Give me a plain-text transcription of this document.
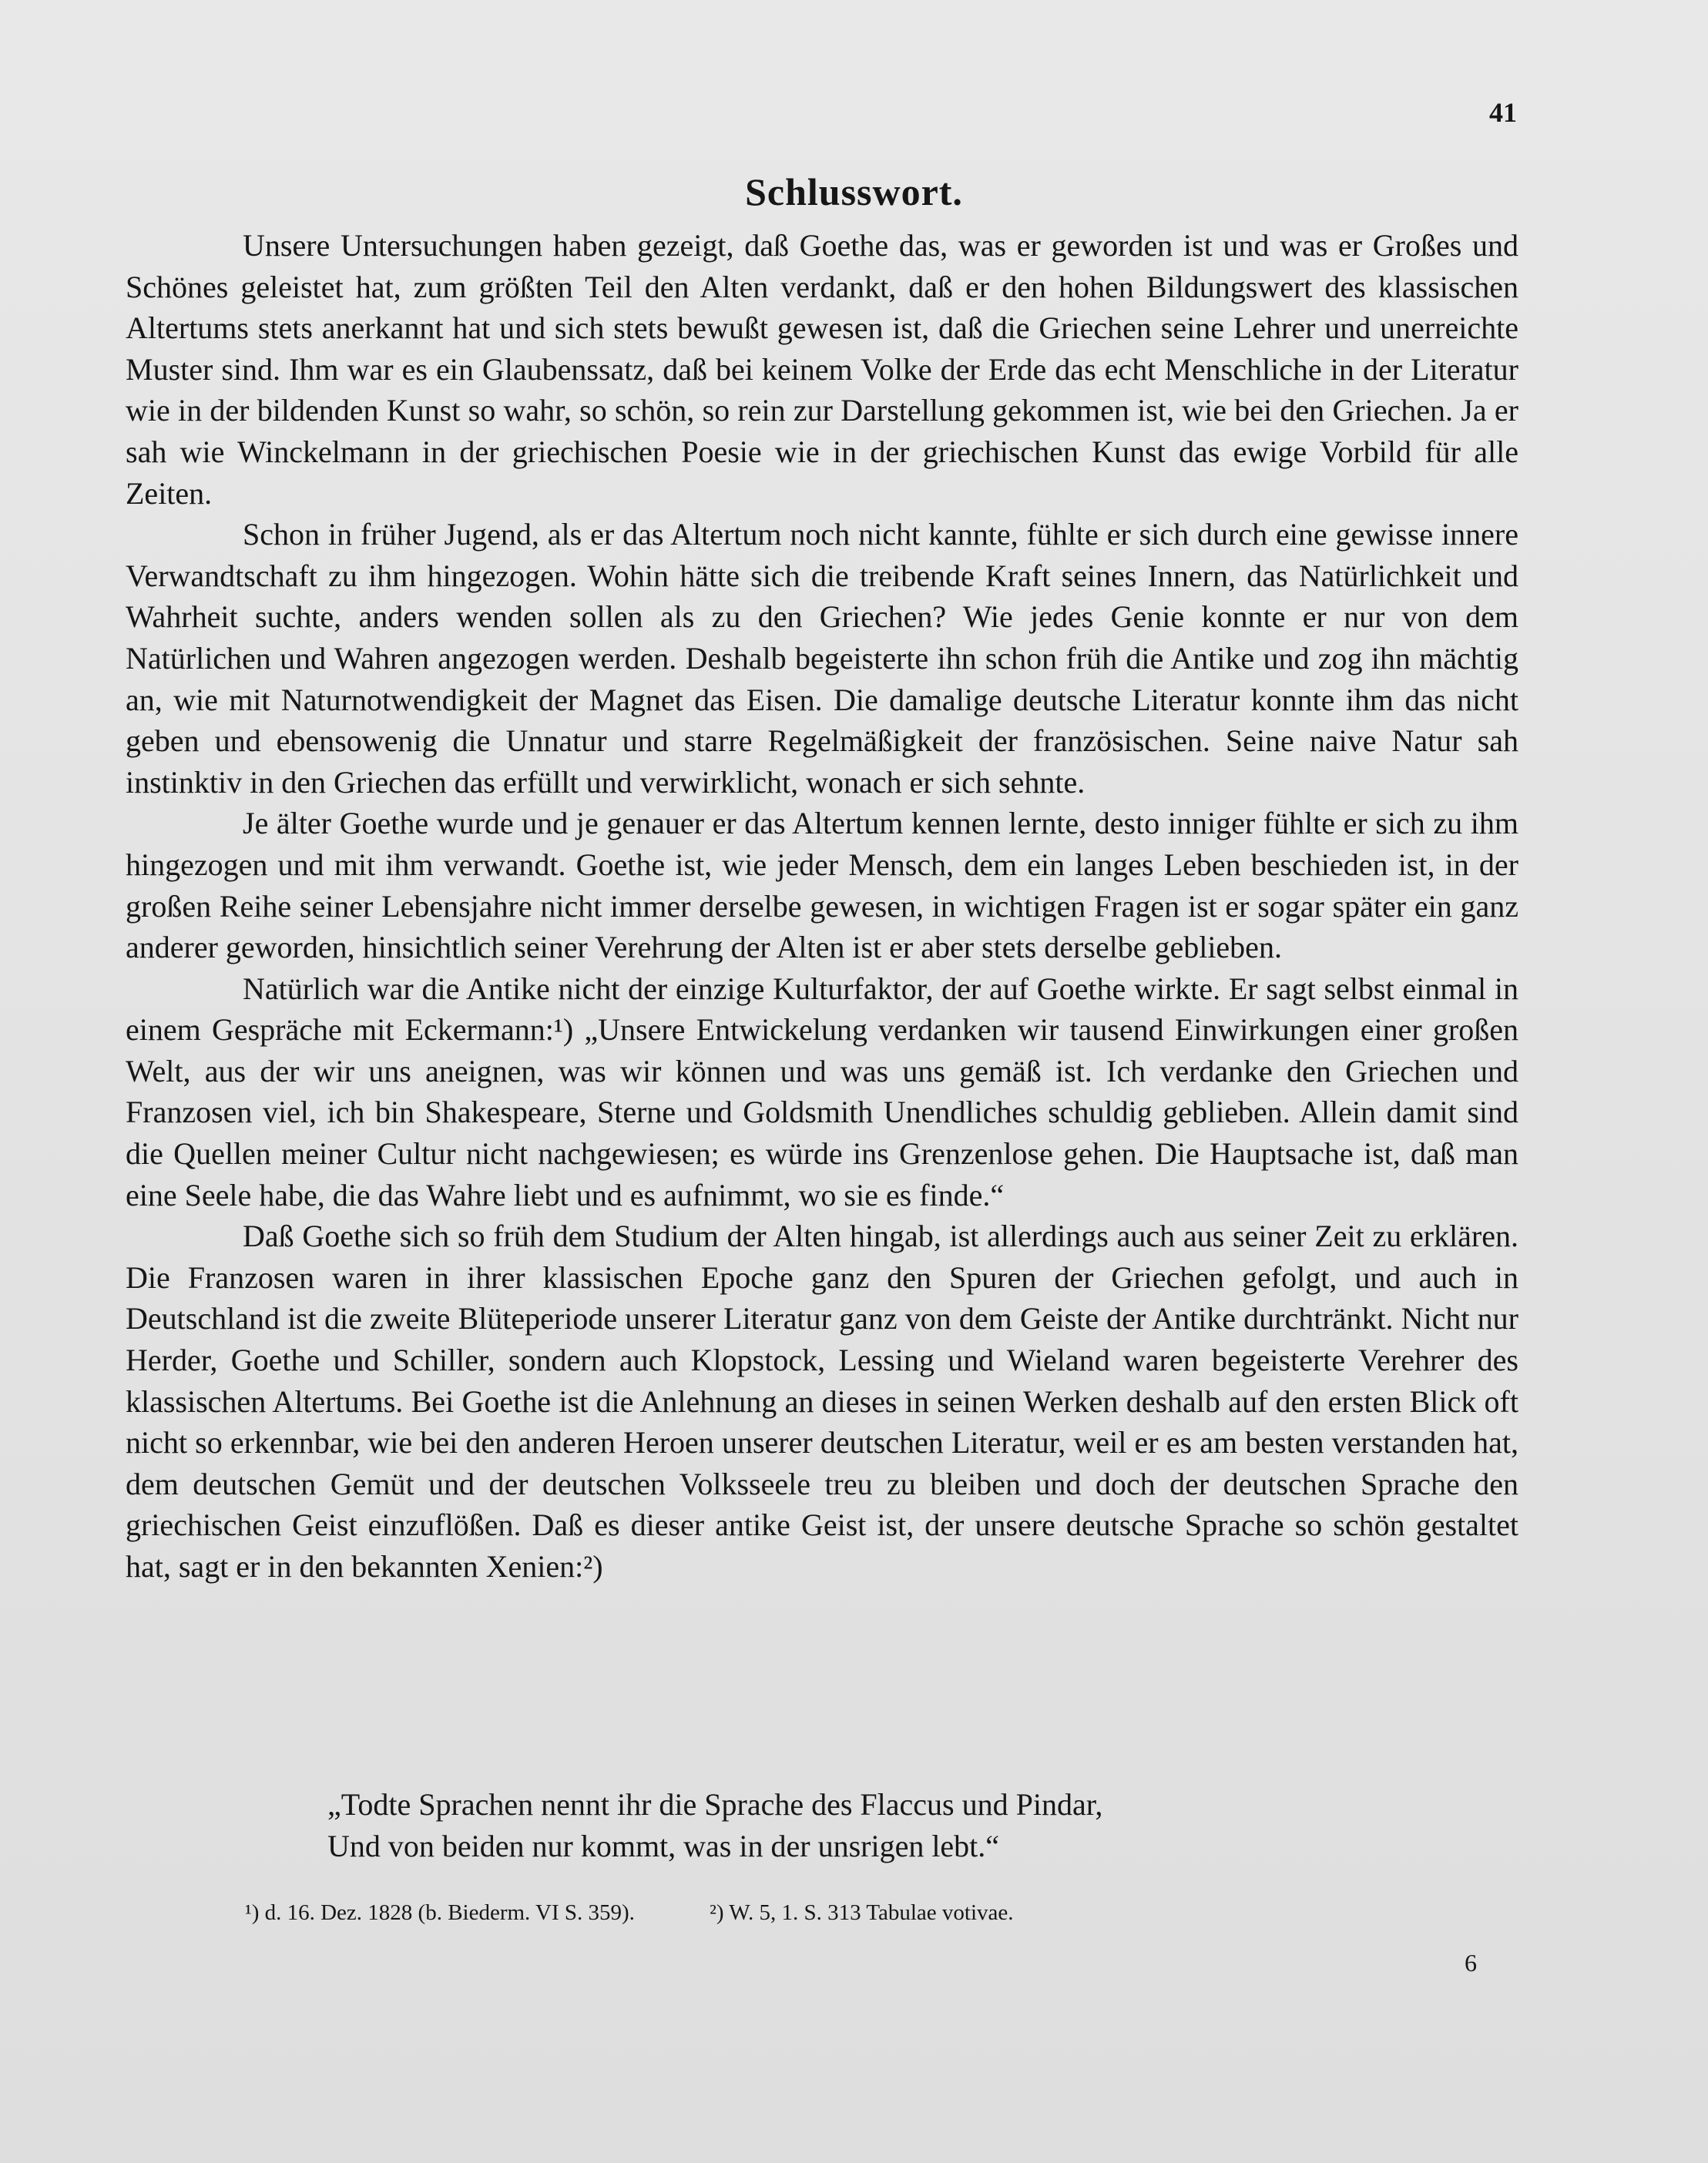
41

Schlusswort.

Unsere Untersuchungen haben gezeigt, daß Goethe das, was er geworden ist und was er Großes und Schönes geleistet hat, zum größten Teil den Alten verdankt, daß er den hohen Bildungswert des klassischen Altertums stets anerkannt hat und sich stets bewußt gewesen ist, daß die Griechen seine Lehrer und unerreichte Muster sind. Ihm war es ein Glaubenssatz, daß bei keinem Volke der Erde das echt Menschliche in der Literatur wie in der bildenden Kunst so wahr, so schön, so rein zur Darstellung gekommen ist, wie bei den Griechen. Ja er sah wie Winckelmann in der griechischen Poesie wie in der griechischen Kunst das ewige Vorbild für alle Zeiten.

Schon in früher Jugend, als er das Altertum noch nicht kannte, fühlte er sich durch eine gewisse innere Verwandtschaft zu ihm hingezogen. Wohin hätte sich die treibende Kraft seines Innern, das Natürlichkeit und Wahrheit suchte, anders wenden sollen als zu den Griechen? Wie jedes Genie konnte er nur von dem Natürlichen und Wahren angezogen werden. Deshalb begeisterte ihn schon früh die Antike und zog ihn mächtig an, wie mit Naturnotwendigkeit der Magnet das Eisen. Die damalige deutsche Literatur konnte ihm das nicht geben und ebensowenig die Unnatur und starre Regelmäßigkeit der französischen. Seine naive Natur sah instinktiv in den Griechen das erfüllt und verwirklicht, wonach er sich sehnte.

Je älter Goethe wurde und je genauer er das Altertum kennen lernte, desto inniger fühlte er sich zu ihm hingezogen und mit ihm verwandt. Goethe ist, wie jeder Mensch, dem ein langes Leben beschieden ist, in der großen Reihe seiner Lebensjahre nicht immer derselbe gewesen, in wichtigen Fragen ist er sogar später ein ganz anderer geworden, hinsichtlich seiner Verehrung der Alten ist er aber stets derselbe geblieben.

Natürlich war die Antike nicht der einzige Kulturfaktor, der auf Goethe wirkte. Er sagt selbst einmal in einem Gespräche mit Eckermann:¹) „Unsere Entwickelung verdanken wir tausend Einwirkungen einer großen Welt, aus der wir uns aneignen, was wir können und was uns gemäß ist. Ich verdanke den Griechen und Franzosen viel, ich bin Shakespeare, Sterne und Goldsmith Unendliches schuldig geblieben. Allein damit sind die Quellen meiner Cultur nicht nachgewiesen; es würde ins Grenzenlose gehen. Die Hauptsache ist, daß man eine Seele habe, die das Wahre liebt und es aufnimmt, wo sie es finde.“

Daß Goethe sich so früh dem Studium der Alten hingab, ist allerdings auch aus seiner Zeit zu erklären. Die Franzosen waren in ihrer klassischen Epoche ganz den Spuren der Griechen gefolgt, und auch in Deutschland ist die zweite Blüteperiode unserer Literatur ganz von dem Geiste der Antike durchtränkt. Nicht nur Herder, Goethe und Schiller, sondern auch Klopstock, Lessing und Wieland waren begeisterte Verehrer des klassischen Altertums. Bei Goethe ist die Anlehnung an dieses in seinen Werken deshalb auf den ersten Blick oft nicht so erkennbar, wie bei den anderen Heroen unserer deutschen Literatur, weil er es am besten verstanden hat, dem deutschen Gemüt und der deutschen Volksseele treu zu bleiben und doch der deutschen Sprache den griechischen Geist einzuflößen. Daß es dieser antike Geist ist, der unsere deutsche Sprache so schön gestaltet hat, sagt er in den bekannten Xenien:²)

„Todte Sprachen nennt ihr die Sprache des Flaccus und Pindar,
Und von beiden nur kommt, was in der unsrigen lebt.“
¹) d. 16. Dez. 1828 (b. Biederm. VI S. 359).	²) W. 5, 1. S. 313 Tabulae votivae.

6
